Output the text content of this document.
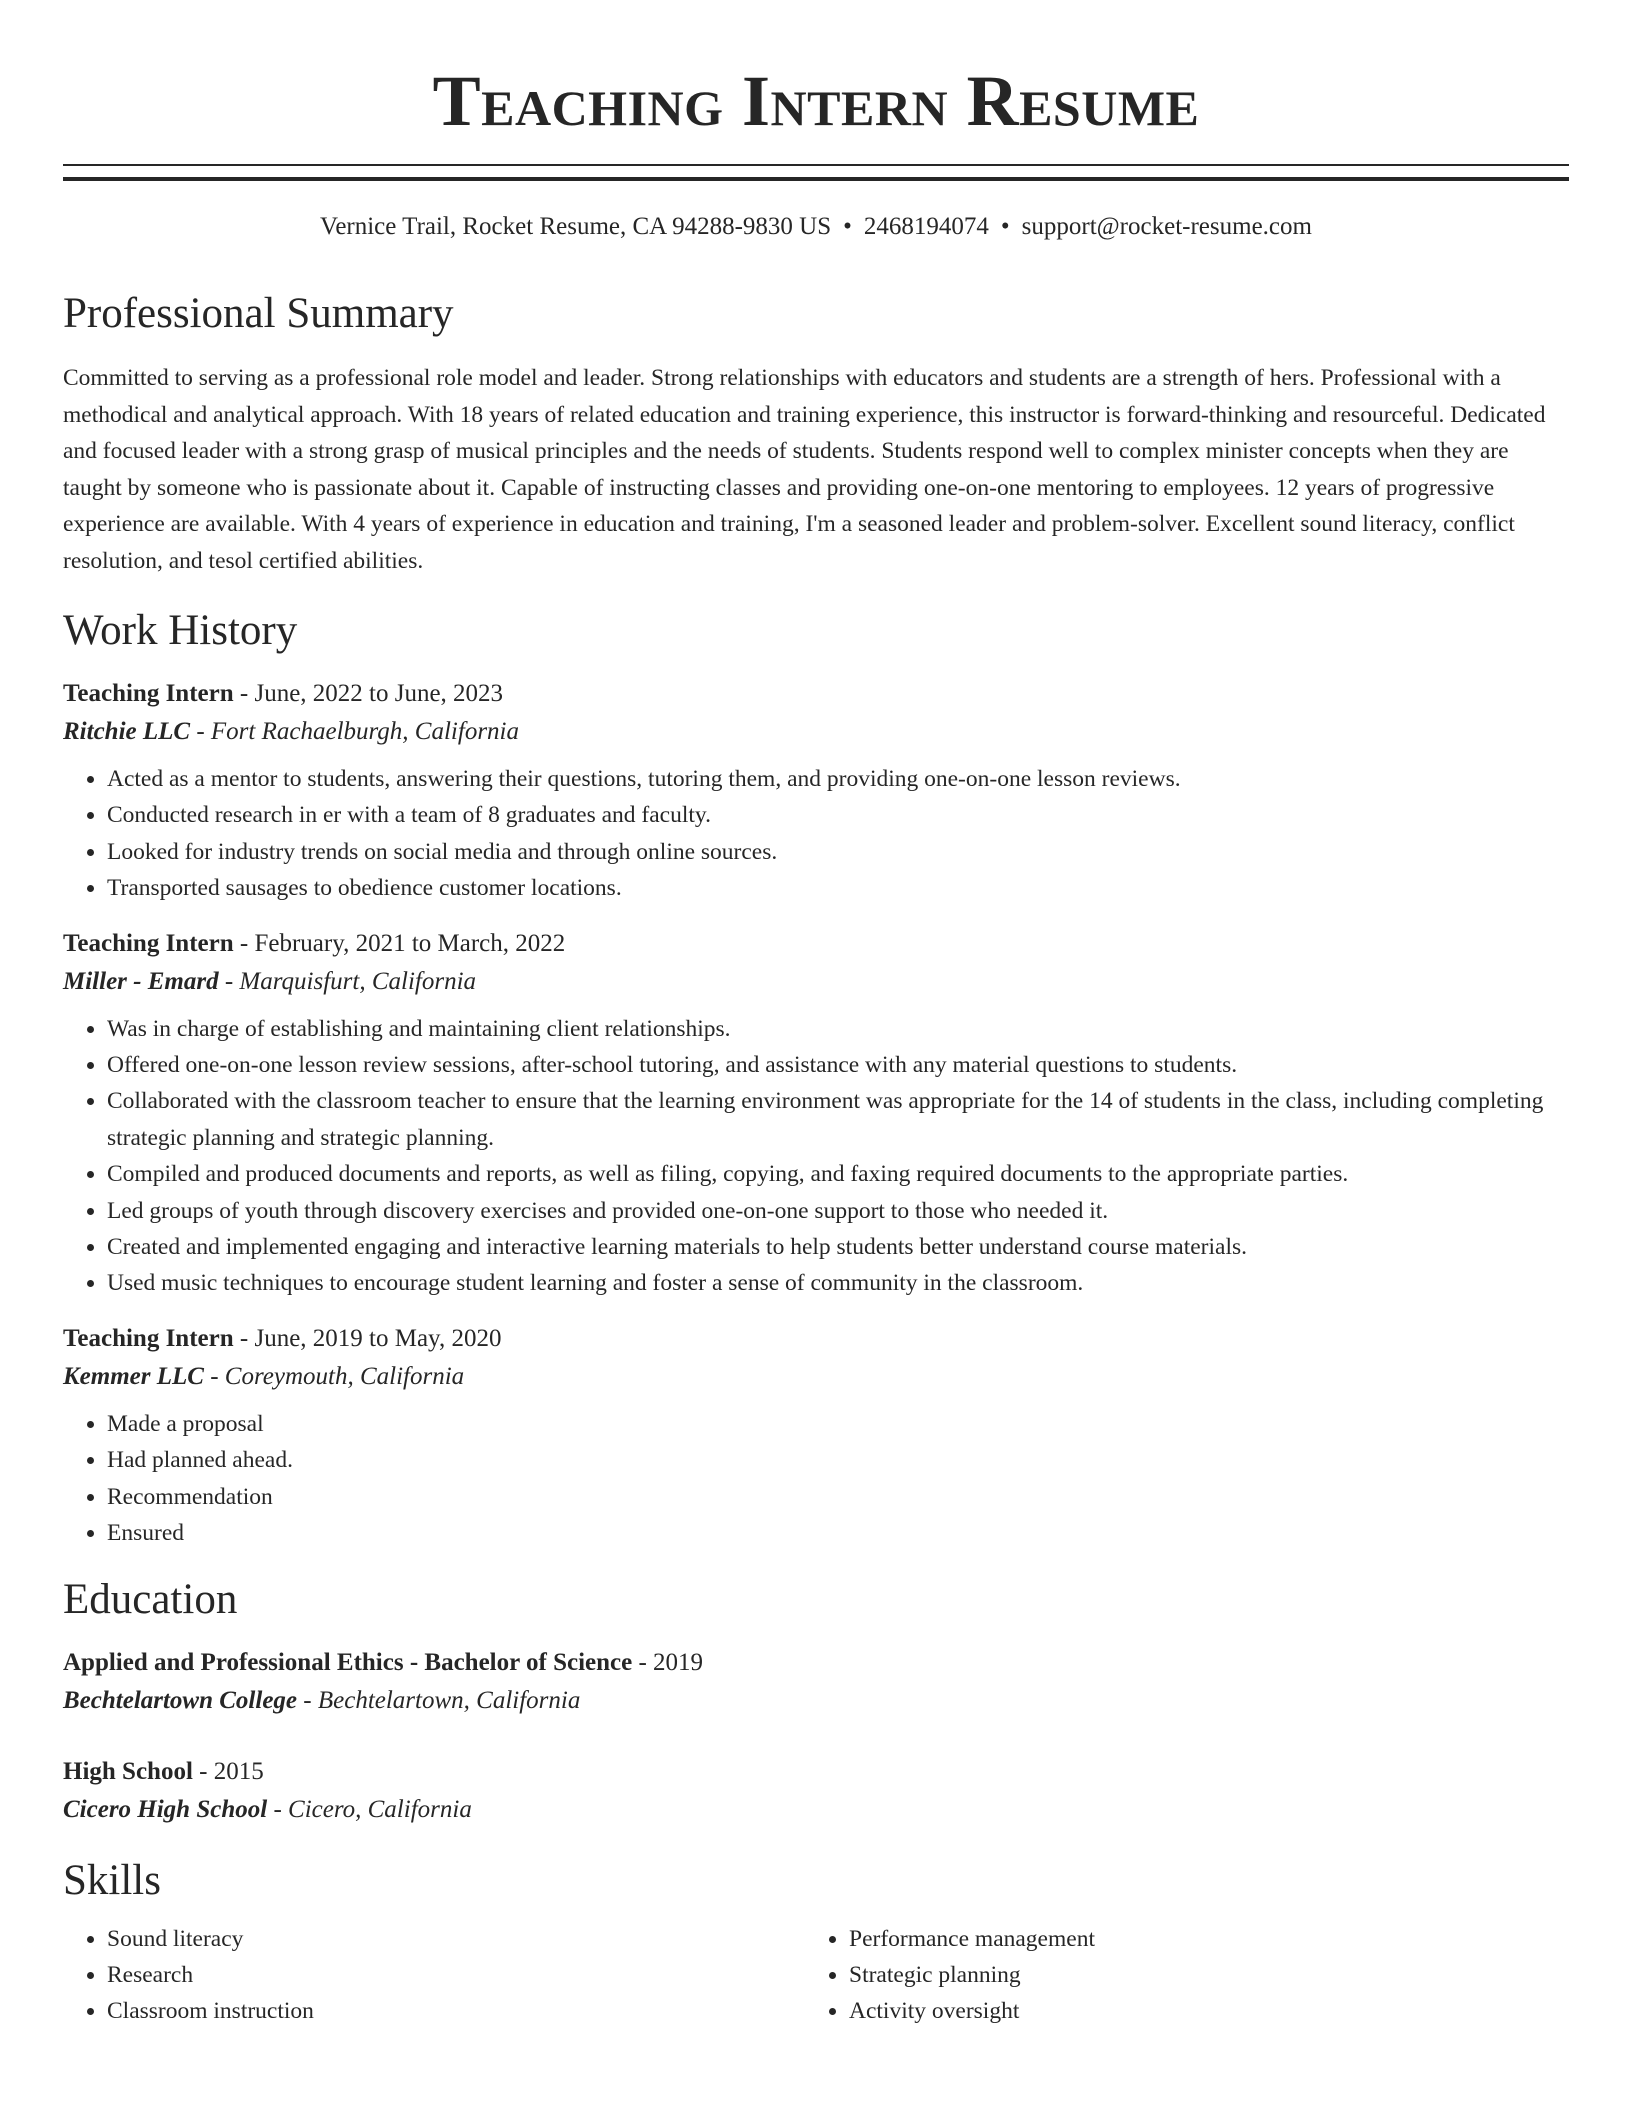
Teaching Intern Resume
Vernice Trail, Rocket Resume, CA 94288-9830 US • 2468194074 • support@rocket-resume.com
Professional Summary

Committed to serving as a professional role model and leader. Strong relationships with educators and students are a strength of hers. Professional with a methodical and analytical approach. With 18 years of related education and training experience, this instructor is forward-thinking and resourceful. Dedicated and focused leader with a strong grasp of musical principles and the needs of students. Students respond well to complex minister concepts when they are taught by someone who is passionate about it. Capable of instructing classes and providing one-on-one mentoring to employees. 12 years of progressive experience are available. With 4 years of experience in education and training, I'm a seasoned leader and problem-solver. Excellent sound literacy, conflict resolution, and tesol certified abilities.

Work History
Teaching Intern - June, 2022 to June, 2023
Ritchie LLC - Fort Rachaelburgh, California
• Acted as a mentor to students, answering their questions, tutoring them, and providing one-on-one lesson reviews.
• Conducted research in er with a team of 8 graduates and faculty.
• Looked for industry trends on social media and through online sources.
• Transported sausages to obedience customer locations.
Teaching Intern - February, 2021 to March, 2022
Miller - Emard - Marquisfurt, California
• Was in charge of establishing and maintaining client relationships.
• Offered one-on-one lesson review sessions, after-school tutoring, and assistance with any material questions to students.
• Collaborated with the classroom teacher to ensure that the learning environment was appropriate for the 14 of students in the class, including completing strategic planning and strategic planning.
• Compiled and produced documents and reports, as well as filing, copying, and faxing required documents to the appropriate parties.
• Led groups of youth through discovery exercises and provided one-on-one support to those who needed it.
• Created and implemented engaging and interactive learning materials to help students better understand course materials.
• Used music techniques to encourage student learning and foster a sense of community in the classroom.
Teaching Intern - June, 2019 to May, 2020
Kemmer LLC - Coreymouth, California
• Made a proposal
• Had planned ahead.
• Recommendation
• Ensured
Education
Applied and Professional Ethics - Bachelor of Science - 2019
Bechtelartown College - Bechtelartown, California
High School - 2015
Cicero High School - Cicero, California
Skills
• Sound literacy
• Research
• Classroom instruction
• Performance management
• Strategic planning
• Activity oversight
